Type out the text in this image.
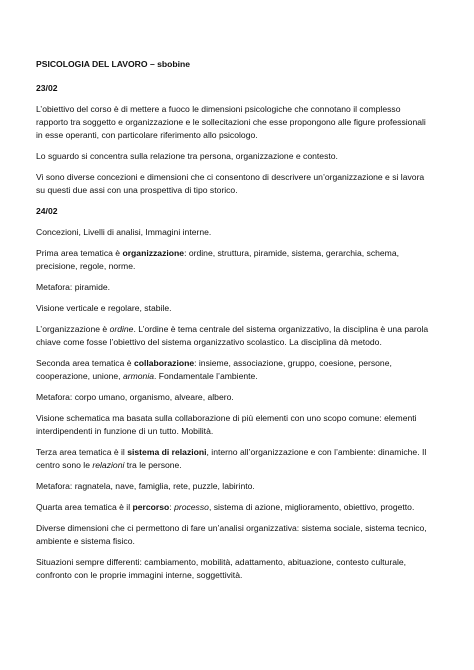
PSICOLOGIA DEL LAVORO – sbobine
23/02

L’obiettivo del corso è di mettere a fuoco le dimensioni psicologiche che connotano il complesso rapporto tra soggetto e organizzazione e le sollecitazioni che esse propongono alle figure professionali in esse operanti, con particolare riferimento allo psicologo.

Lo sguardo si concentra sulla relazione tra persona, organizzazione e contesto.

Vi sono diverse concezioni e dimensioni che ci consentono di descrivere un’organizzazione e si lavora su questi due assi con una prospettiva di tipo storico.

24/02

Concezioni, Livelli di analisi, Immagini interne.

Prima area tematica è organizzazione: ordine, struttura, piramide, sistema, gerarchia, schema, precisione, regole, norme.

Metafora: piramide.

Visione verticale e regolare, stabile.

L’organizzazione è ordine. L’ordine è tema centrale del sistema organizzativo, la disciplina è una parola chiave come fosse l’obiettivo del sistema organizzativo scolastico. La disciplina dà metodo.

Seconda area tematica è collaborazione: insieme, associazione, gruppo, coesione, persone, cooperazione, unione, armonia. Fondamentale l’ambiente.

Metafora: corpo umano, organismo, alveare, albero.

Visione schematica ma basata sulla collaborazione di più elementi con uno scopo comune: elementi interdipendenti in funzione di un tutto. Mobilità.

Terza area tematica è il sistema di relazioni, interno all’organizzazione e con l’ambiente: dinamiche. Il centro sono le relazioni tra le persone.

Metafora: ragnatela, nave, famiglia, rete, puzzle, labirinto.

Quarta area tematica è il percorso: processo, sistema di azione, miglioramento, obiettivo, progetto.

Diverse dimensioni che ci permettono di fare un’analisi organizzativa: sistema sociale, sistema tecnico, ambiente e sistema fisico.

Situazioni sempre differenti: cambiamento, mobilità, adattamento, abituazione, contesto culturale, confronto con le proprie immagini interne, soggettività.
